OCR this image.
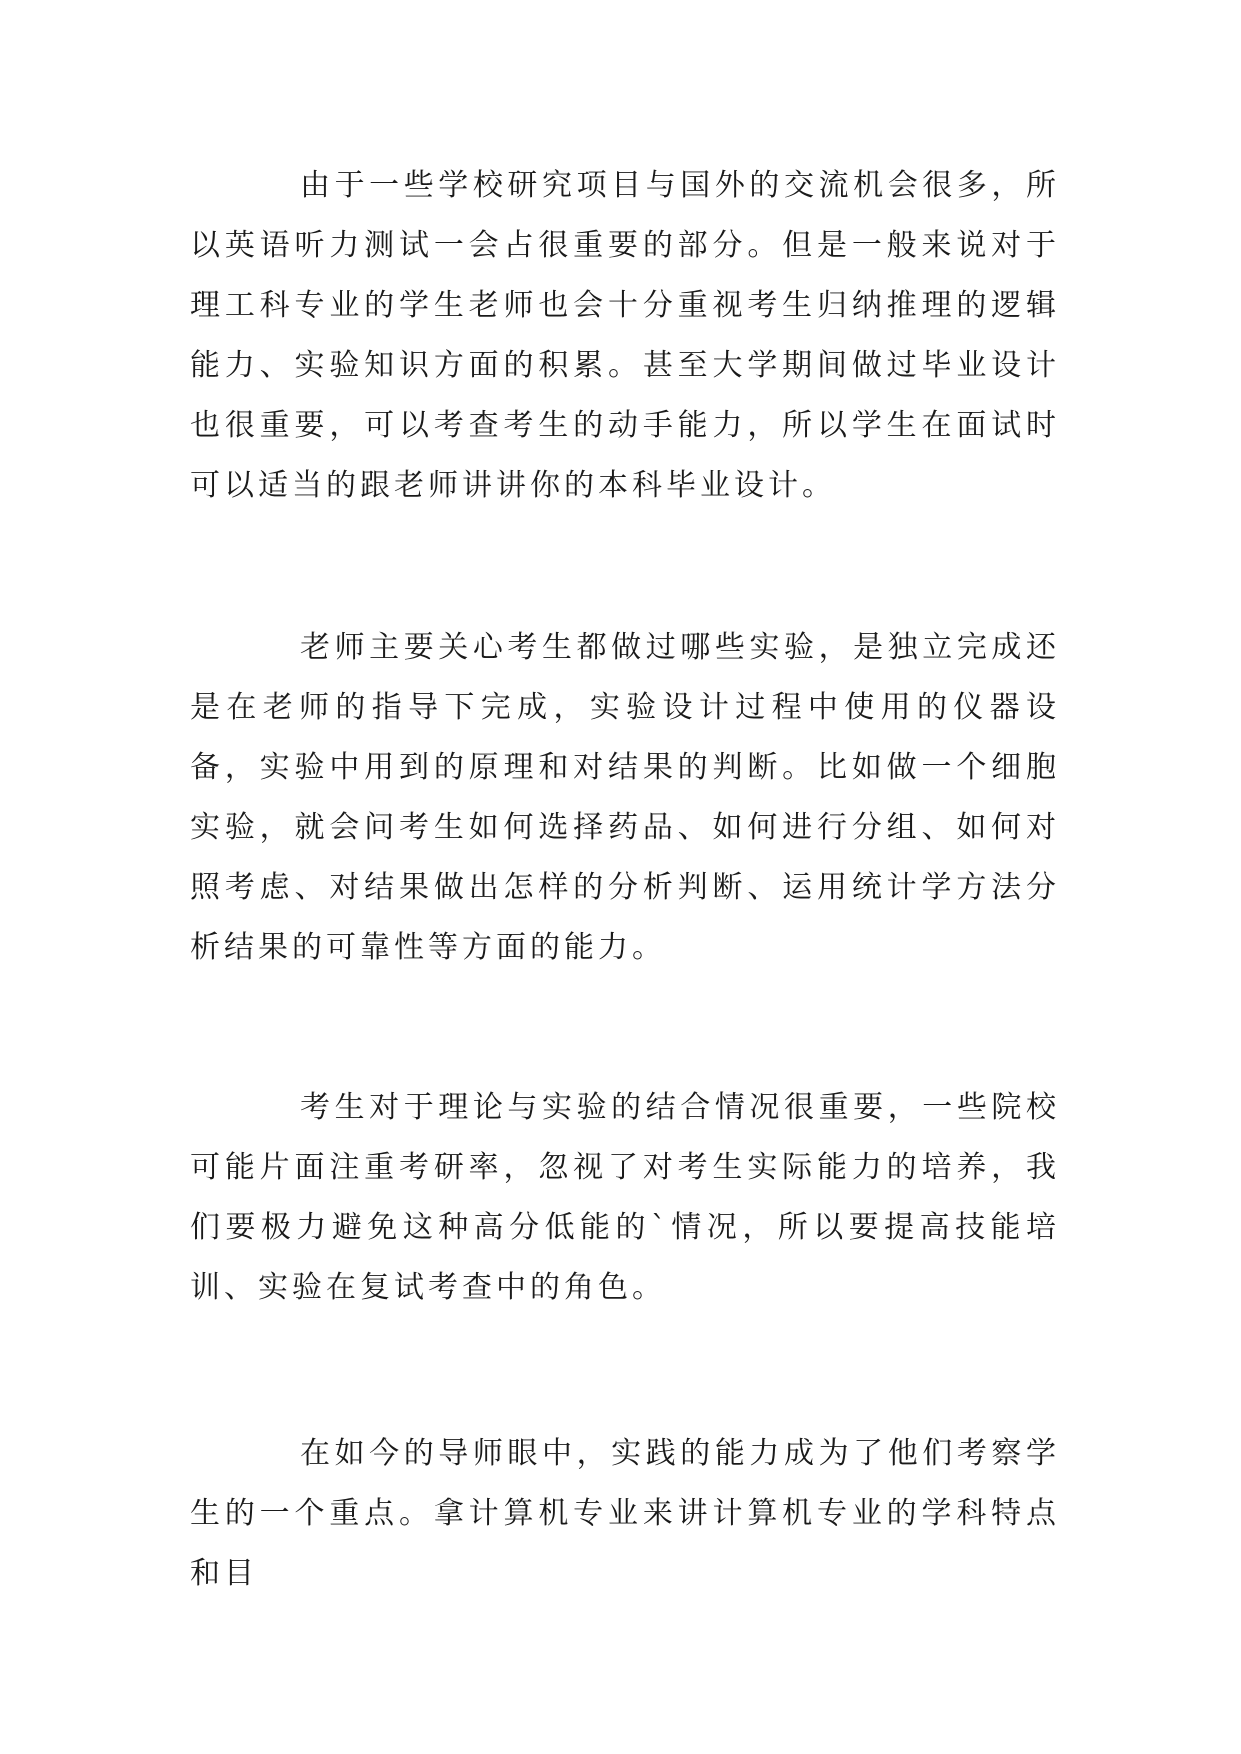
由于一些学校研究项目与国外的交流机会很多，所以英语听力测试一会占很重要的部分。但是一般来说对于理工科专业的学生老师也会十分重视考生归纳推理的逻辑能力、实验知识方面的积累。甚至大学期间做过毕业设计也很重要，可以考查考生的动手能力，所以学生在面试时可以适当的跟老师讲讲你的本科毕业设计。

老师主要关心考生都做过哪些实验，是独立完成还是在老师的指导下完成，实验设计过程中使用的仪器设备，实验中用到的原理和对结果的判断。比如做一个细胞实验，就会问考生如何选择药品、如何进行分组、如何对照考虑、对结果做出怎样的分析判断、运用统计学方法分析结果的可靠性等方面的能力。

考生对于理论与实验的结合情况很重要，一些院校可能片面注重考研率，忽视了对考生实际能力的培养，我们要极力避免这种高分低能的`情况，所以要提高技能培训、实验在复试考查中的角色。

在如今的导师眼中，实践的能力成为了他们考察学生的一个重点。拿计算机专业来讲计算机专业的学科特点和目
